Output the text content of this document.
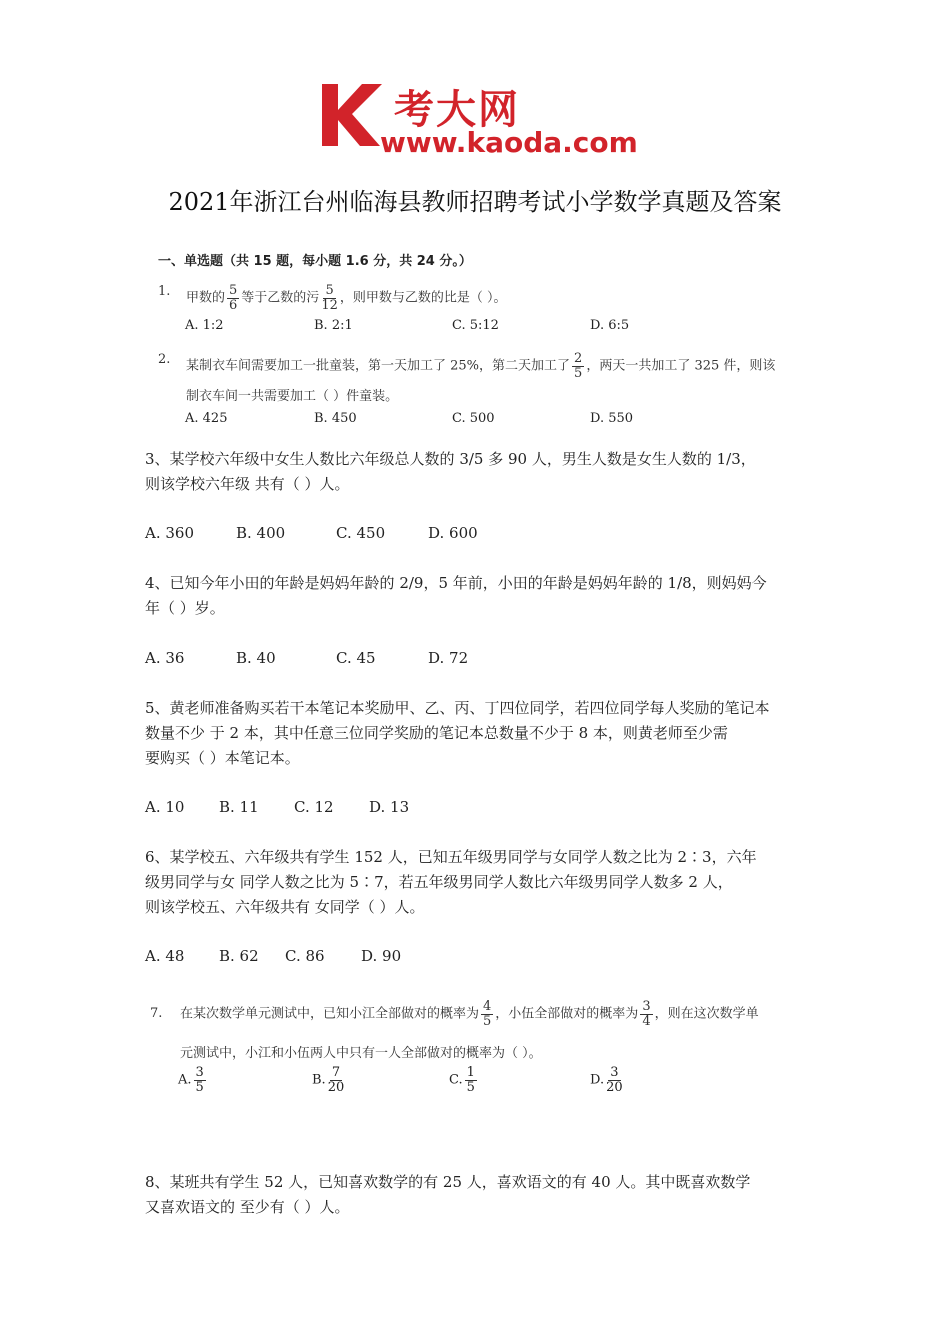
考大网
www.kaoda.com
2021年浙江台州临海县教师招聘考试小学数学真题及答案
一、单选题（共 15 题，每小题 1.6 分，共 24 分。）
1. 甲数的 $\frac{5}{6}$ 等于乙数的污 $\frac{5}{12}$ ，则甲数与乙数的比是（ ）。
A. 1:2	B. 2:1	C. 5:12	D. 6:5
2. 某制衣车间需要加工一批童装，第一天加工了 25%，第二天加工了 $\frac{2}{5}$ ，两天一共加工了 325 件，则该
制衣车间一共需要加工（ ）件童装。
A. 425	B. 450	C. 500	D. 550
3、某学校六年级中女生人数比六年级总人数的 3/5 多 90 人，男生人数是女生人数的 1/3，
则该学校六年级 共有（ ）人。
A. 360	B. 400	C. 450	D. 600
4、已知今年小田的年龄是妈妈年龄的 2/9，5 年前，小田的年龄是妈妈年龄的 1/8，则妈妈今
年（ ）岁。
A. 36	B. 40	C. 45	D. 72
5、黄老师准备购买若干本笔记本奖励甲、乙、丙、丁四位同学，若四位同学每人奖励的笔记本
数量不少 于 2 本，其中任意三位同学奖励的笔记本总数量不少于 8 本，则黄老师至少需
要购买（ ）本笔记本。
A. 10 B. 11 C. 12 D. 13
6、某学校五、六年级共有学生 152 人，已知五年级男同学与女同学人数之比为 2∶3，六年
级男同学与女 同学人数之比为 5∶7，若五年级男同学人数比六年级男同学人数多 2 人，
则该学校五、六年级共有 女同学（ ）人。
A. 48 B. 62 C. 86 D. 90
7. 在某次数学单元测试中，已知小江全部做对的概率为 $\frac{4}{5}$ ，小伍全部做对的概率为 $\frac{3}{4}$ ，则在这次数学单
元测试中，小江和小伍两人中只有一人全部做对的概率为（ ）。
A. $\frac{3}{5}$	B. $\frac{7}{20}$	C. $\frac{1}{5}$	D. $\frac{3}{20}$
8、某班共有学生 52 人，已知喜欢数学的有 25 人，喜欢语文的有 40 人。其中既喜欢数学
又喜欢语文的 至少有（ ）人。
